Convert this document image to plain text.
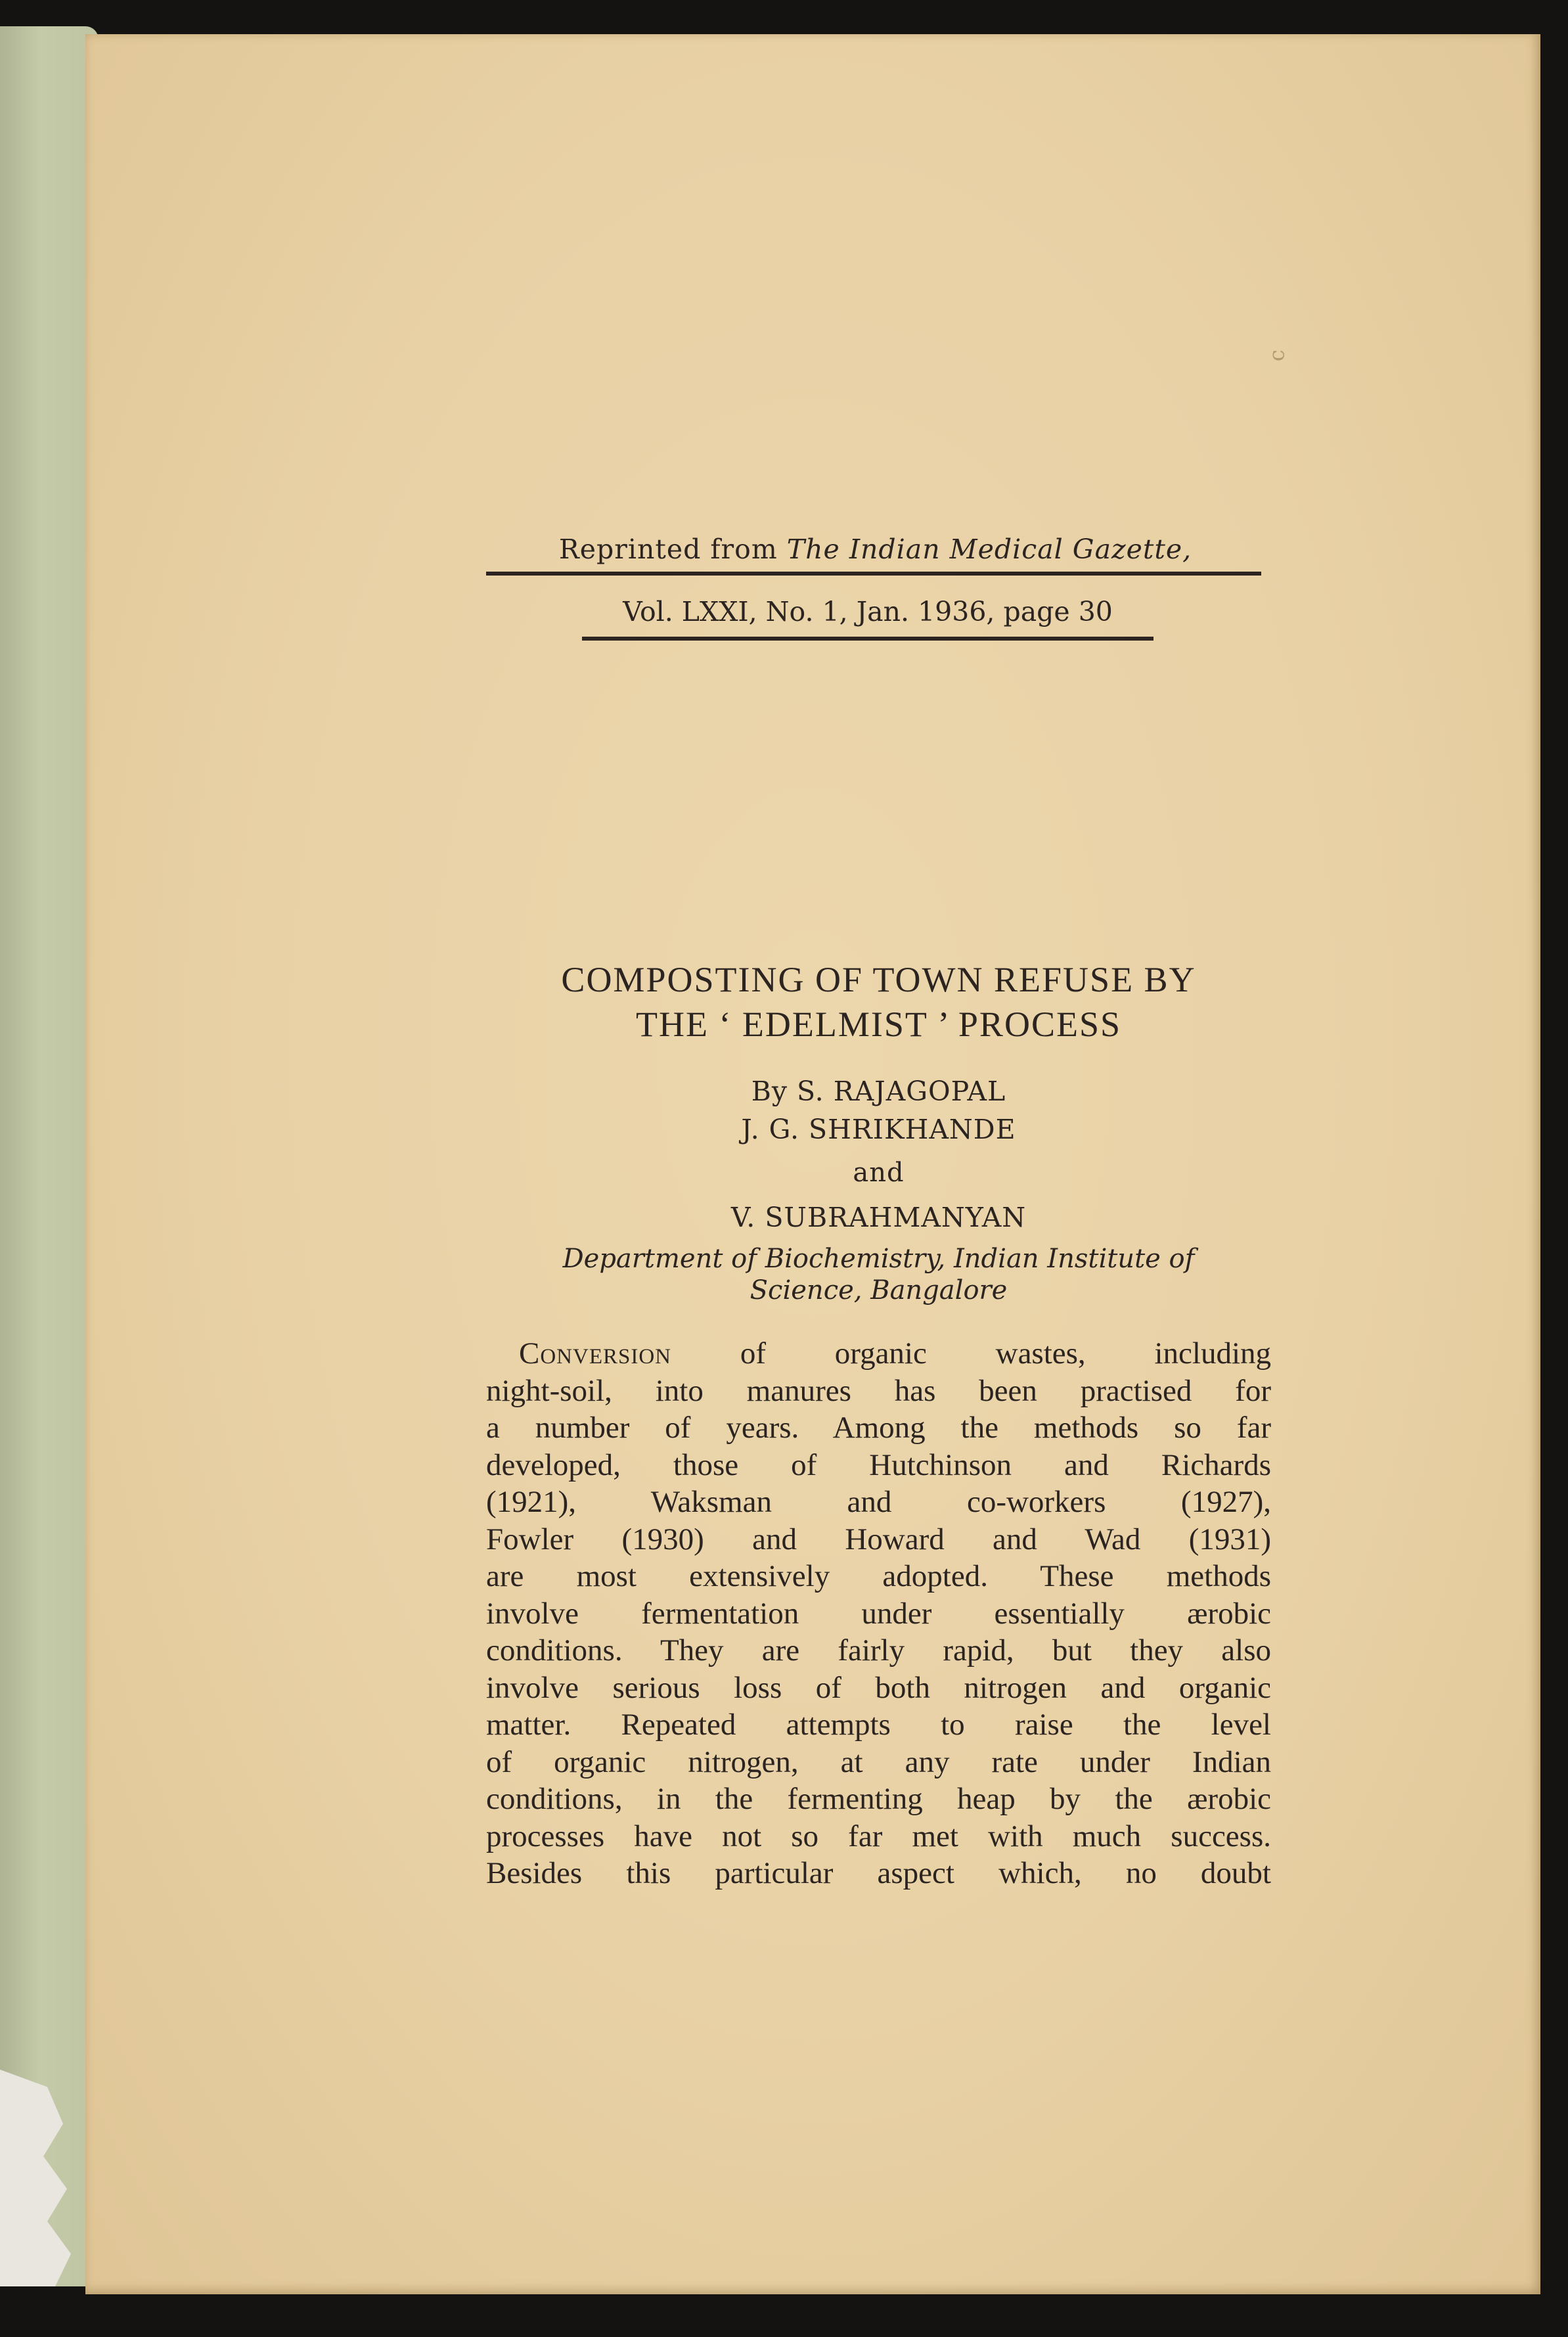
ɔ
Reprinted from The Indian Medical Gazette,
Vol. LXXI, No. 1, Jan. 1936, page 30
COMPOSTING OF TOWN REFUSE BY
THE ‘ EDELMIST ’ PROCESS
By S. RAJAGOPAL
J. G. SHRIKHANDE
and
V. SUBRAHMANYAN
Department of Biochemistry, Indian Institute of
Science, Bangalore
Conversion of organic wastes, including
night-soil, into manures has been practised for
a number of years. Among the methods so far
developed, those of Hutchinson and Richards
(1921), Waksman and co-workers (1927),
Fowler (1930) and Howard and Wad (1931)
are most extensively adopted. These methods
involve fermentation under essentially ærobic
conditions. They are fairly rapid, but they also
involve serious loss of both nitrogen and organic
matter. Repeated attempts to raise the level
of organic nitrogen, at any rate under Indian
conditions, in the fermenting heap by the ærobic
processes have not so far met with much success.
Besides this particular aspect which, no doubt
